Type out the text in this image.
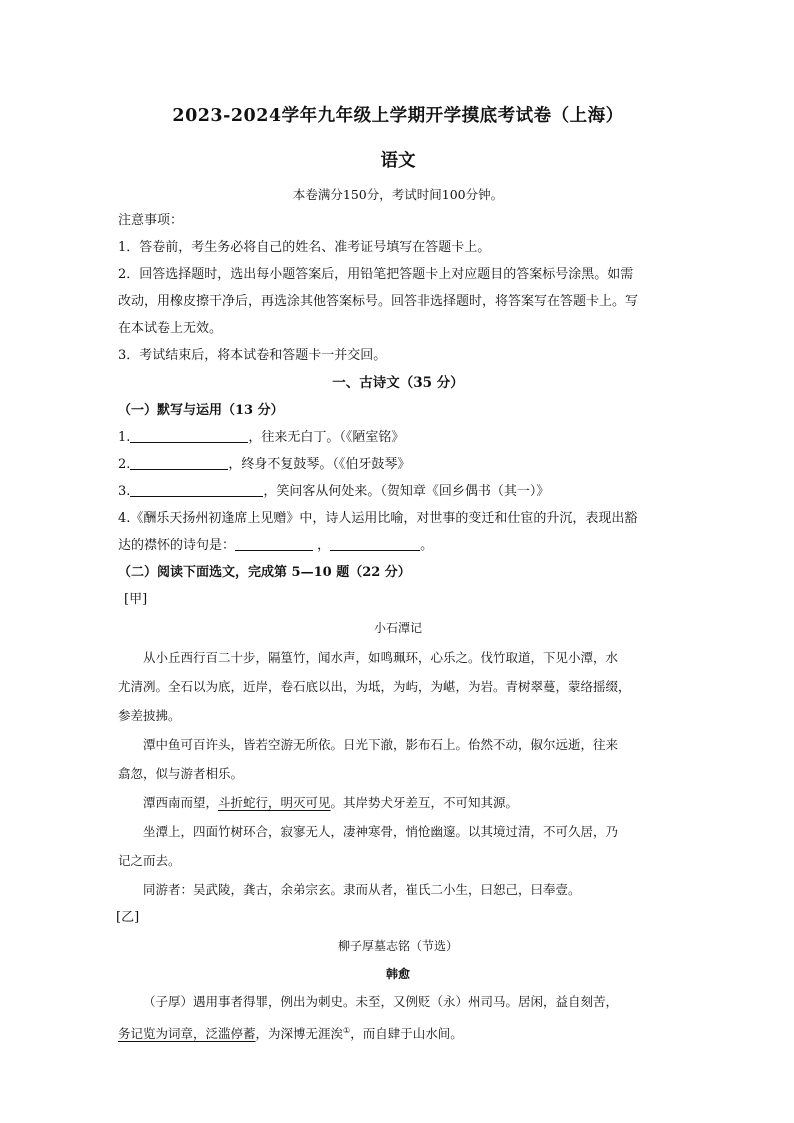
2023-2024学年九年级上学期开学摸底考试卷（上海）
语文
本卷满分150分，考试时间100分钟。

注意事项：

1．答卷前，考生务必将自己的姓名、准考证号填写在答题卡上。

2．回答选择题时，选出每小题答案后，用铅笔把答题卡上对应题目的答案标号涂黑。如需

改动，用橡皮擦干净后，再选涂其他答案标号。回答非选择题时，将答案写在答题卡上。写

在本试卷上无效。

3．考试结束后，将本试卷和答题卡一并交回。

一、古诗文（35 分）
（一）默写与运用（13 分）

1.	，往来无白丁。（《陋室铭》

2.	，终身不复鼓琴。（《伯牙鼓琴》

3.	，笑问客从何处来。（贺知章《回乡偶书（其一）》

4.《酬乐天扬州初逢席上见赠》中，诗人运用比喻，对世事的变迁和仕宦的升沉，表现出豁

达的襟怀的诗句是：	，	。

（二）阅读下面选文，完成第 5—10 题（22 分）
[甲]
小石潭记

从小丘西行百二十步，隔篁竹，闻水声，如鸣珮环，心乐之。伐竹取道，下见小潭，水

尤清冽。全石以为底，近岸，卷石底以出，为坻，为屿，为嵁，为岩。青树翠蔓，蒙络摇缀，

参差披拂。

潭中鱼可百许头，皆若空游无所依。日光下澈，影布石上。佁然不动，俶尔远逝，往来

翕忽，似与游者相乐。

潭西南而望，斗折蛇行，明灭可见。其岸势犬牙差互，不可知其源。

坐潭上，四面竹树环合，寂寥无人，凄神寒骨，悄怆幽邃。以其境过清，不可久居，乃

记之而去。

同游者：吴武陵，龚古，余弟宗玄。隶而从者，崔氏二小生，曰恕己，曰奉壹。

[乙]
柳子厚墓志铭（节选）
韩愈

（子厚）遇用事者得罪，例出为刺史。未至，又例贬（永）州司马。居闲，益自刻苦，

务记览为词章，泛滥停蓄，为深博无涯涘①，而自肆于山水间。
